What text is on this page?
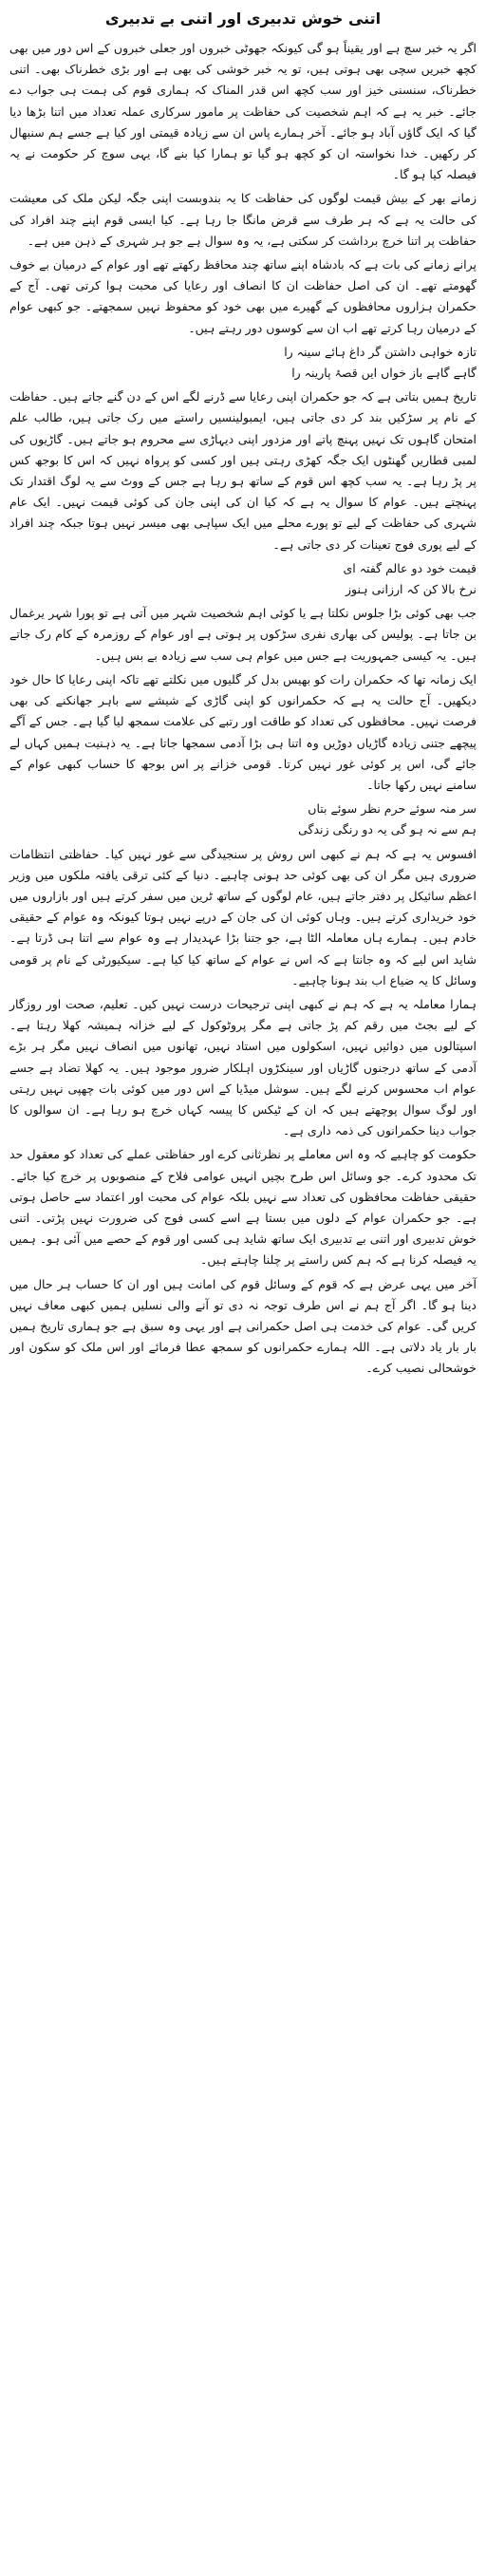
اتنی خوش تدبیری اور اتنی بے تدبیری

اگر یہ خبر سچ ہے اور یقیناً ہو گی کیونکہ جھوٹی خبروں اور جعلی خبروں کے اس دور میں بھی کچھ خبریں سچی بھی ہوتی ہیں، تو یہ خبر خوشی کی بھی ہے اور بڑی خطرناک بھی۔ اتنی خطرناک، سنسنی خیز اور سب کچھ اس قدر المناک کہ ہماری قوم کی ہمت ہی جواب دے جائے۔ خبر یہ ہے کہ اہم شخصیت کی حفاظت پر مامور سرکاری عملہ تعداد میں اتنا بڑھا دیا گیا کہ ایک گاؤں آباد ہو جائے۔ آخر ہمارے پاس ان سے زیادہ قیمتی اور کیا ہے جسے ہم سنبھال کر رکھیں۔ خدا نخواستہ ان کو کچھ ہو گیا تو ہمارا کیا بنے گا، یہی سوچ کر حکومت نے یہ فیصلہ کیا ہو گا۔

زمانے بھر کے بیش قیمت لوگوں کی حفاظت کا یہ بندوبست اپنی جگہ لیکن ملک کی معیشت کی حالت یہ ہے کہ ہر طرف سے قرض مانگا جا رہا ہے۔ کیا ایسی قوم اپنے چند افراد کی حفاظت پر اتنا خرچ برداشت کر سکتی ہے، یہ وہ سوال ہے جو ہر شہری کے ذہن میں ہے۔

پرانے زمانے کی بات ہے کہ بادشاہ اپنے ساتھ چند محافظ رکھتے تھے اور عوام کے درمیان بے خوف گھومتے تھے۔ ان کی اصل حفاظت ان کا انصاف اور رعایا کی محبت ہوا کرتی تھی۔ آج کے حکمران ہزاروں محافظوں کے گھیرے میں بھی خود کو محفوظ نہیں سمجھتے۔ جو کبھی عوام کے درمیان رہا کرتے تھے اب ان سے کوسوں دور رہتے ہیں۔

تازہ خواہی داشتن گر داغ ہائے سینہ را
گاہے گاہے باز خواں ایں قصۂ پارینہ را

تاریخ ہمیں بتاتی ہے کہ جو حکمران اپنی رعایا سے ڈرنے لگے اس کے دن گنے جاتے ہیں۔ حفاظت کے نام پر سڑکیں بند کر دی جاتی ہیں، ایمبولینسیں راستے میں رک جاتی ہیں، طالب علم امتحان گاہوں تک نہیں پہنچ پاتے اور مزدور اپنی دیہاڑی سے محروم ہو جاتے ہیں۔ گاڑیوں کی لمبی قطاریں گھنٹوں ایک جگہ کھڑی رہتی ہیں اور کسی کو پرواہ نہیں کہ اس کا بوجھ کس پر پڑ رہا ہے۔ یہ سب کچھ اس قوم کے ساتھ ہو رہا ہے جس کے ووٹ سے یہ لوگ اقتدار تک پہنچتے ہیں۔ عوام کا سوال یہ ہے کہ کیا ان کی اپنی جان کی کوئی قیمت نہیں۔ ایک عام شہری کی حفاظت کے لیے تو پورے محلے میں ایک سپاہی بھی میسر نہیں ہوتا جبکہ چند افراد کے لیے پوری فوج تعینات کر دی جاتی ہے۔

قیمت خود دو عالم گفتہ ای
نرخ بالا کن کہ ارزانی ہنوز

جب بھی کوئی بڑا جلوس نکلتا ہے یا کوئی اہم شخصیت شہر میں آتی ہے تو پورا شہر یرغمال بن جاتا ہے۔ پولیس کی بھاری نفری سڑکوں پر ہوتی ہے اور عوام کے روزمرہ کے کام رک جاتے ہیں۔ یہ کیسی جمہوریت ہے جس میں عوام ہی سب سے زیادہ بے بس ہیں۔

ایک زمانہ تھا کہ حکمران رات کو بھیس بدل کر گلیوں میں نکلتے تھے تاکہ اپنی رعایا کا حال خود دیکھیں۔ آج حالت یہ ہے کہ حکمرانوں کو اپنی گاڑی کے شیشے سے باہر جھانکنے کی بھی فرصت نہیں۔ محافظوں کی تعداد کو طاقت اور رتبے کی علامت سمجھ لیا گیا ہے۔ جس کے آگے پیچھے جتنی زیادہ گاڑیاں دوڑیں وہ اتنا ہی بڑا آدمی سمجھا جاتا ہے۔ یہ ذہنیت ہمیں کہاں لے جائے گی، اس پر کوئی غور نہیں کرتا۔ قومی خزانے پر اس بوجھ کا حساب کبھی عوام کے سامنے نہیں رکھا جاتا۔

سر منہ سوئے حرم نظر سوئے بتاں
ہم سے نہ ہو گی یہ دو رنگی زندگی

افسوس یہ ہے کہ ہم نے کبھی اس روش پر سنجیدگی سے غور نہیں کیا۔ حفاظتی انتظامات ضروری ہیں مگر ان کی بھی کوئی حد ہونی چاہیے۔ دنیا کے کئی ترقی یافتہ ملکوں میں وزیر اعظم سائیکل پر دفتر جاتے ہیں، عام لوگوں کے ساتھ ٹرین میں سفر کرتے ہیں اور بازاروں میں خود خریداری کرتے ہیں۔ وہاں کوئی ان کی جان کے درپے نہیں ہوتا کیونکہ وہ عوام کے حقیقی خادم ہیں۔ ہمارے ہاں معاملہ الٹا ہے، جو جتنا بڑا عہدیدار ہے وہ عوام سے اتنا ہی ڈرتا ہے۔ شاید اس لیے کہ وہ جانتا ہے کہ اس نے عوام کے ساتھ کیا کیا ہے۔ سیکیورٹی کے نام پر قومی وسائل کا یہ ضیاع اب بند ہونا چاہیے۔

ہمارا معاملہ یہ ہے کہ ہم نے کبھی اپنی ترجیحات درست نہیں کیں۔ تعلیم، صحت اور روزگار کے لیے بجٹ میں رقم کم پڑ جاتی ہے مگر پروٹوکول کے لیے خزانہ ہمیشہ کھلا رہتا ہے۔ اسپتالوں میں دوائیں نہیں، اسکولوں میں استاد نہیں، تھانوں میں انصاف نہیں مگر ہر بڑے آدمی کے ساتھ درجنوں گاڑیاں اور سینکڑوں اہلکار ضرور موجود ہیں۔ یہ کھلا تضاد ہے جسے عوام اب محسوس کرنے لگے ہیں۔ سوشل میڈیا کے اس دور میں کوئی بات چھپی نہیں رہتی اور لوگ سوال پوچھتے ہیں کہ ان کے ٹیکس کا پیسہ کہاں خرچ ہو رہا ہے۔ ان سوالوں کا جواب دینا حکمرانوں کی ذمہ داری ہے۔

حکومت کو چاہیے کہ وہ اس معاملے پر نظرثانی کرے اور حفاظتی عملے کی تعداد کو معقول حد تک محدود کرے۔ جو وسائل اس طرح بچیں انہیں عوامی فلاح کے منصوبوں پر خرچ کیا جائے۔ حقیقی حفاظت محافظوں کی تعداد سے نہیں بلکہ عوام کی محبت اور اعتماد سے حاصل ہوتی ہے۔ جو حکمران عوام کے دلوں میں بستا ہے اسے کسی فوج کی ضرورت نہیں پڑتی۔ اتنی خوش تدبیری اور اتنی بے تدبیری ایک ساتھ شاید ہی کسی اور قوم کے حصے میں آئی ہو۔ ہمیں یہ فیصلہ کرنا ہے کہ ہم کس راستے پر چلنا چاہتے ہیں۔

آخر میں یہی عرض ہے کہ قوم کے وسائل قوم کی امانت ہیں اور ان کا حساب ہر حال میں دینا ہو گا۔ اگر آج ہم نے اس طرف توجہ نہ دی تو آنے والی نسلیں ہمیں کبھی معاف نہیں کریں گی۔ عوام کی خدمت ہی اصل حکمرانی ہے اور یہی وہ سبق ہے جو ہماری تاریخ ہمیں بار بار یاد دلاتی ہے۔ اللہ ہمارے حکمرانوں کو سمجھ عطا فرمائے اور اس ملک کو سکون اور خوشحالی نصیب کرے۔
